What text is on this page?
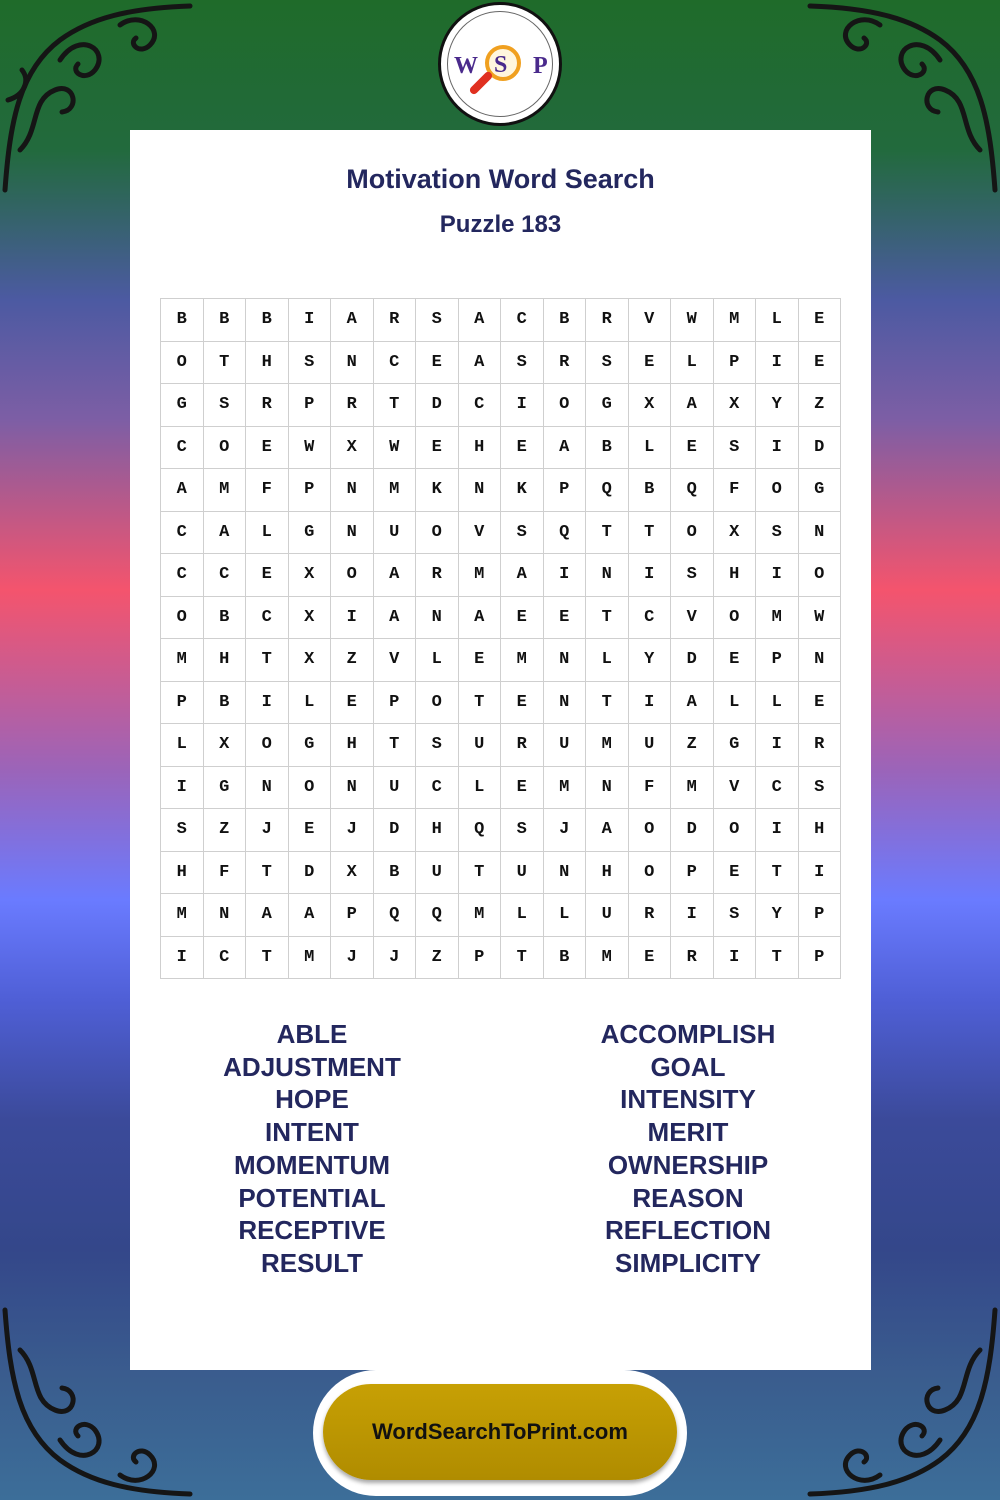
W S P
Motivation Word Search
Puzzle 183
B	B	B	I	A	R	S	A	C	B	R	V	W	M	L	E
O	T	H	S	N	C	E	A	S	R	S	E	L	P	I	E
G	S	R	P	R	T	D	C	I	O	G	X	A	X	Y	Z
C	O	E	W	X	W	E	H	E	A	B	L	E	S	I	D
A	M	F	P	N	M	K	N	K	P	Q	B	Q	F	O	G
C	A	L	G	N	U	O	V	S	Q	T	T	O	X	S	N
C	C	E	X	O	A	R	M	A	I	N	I	S	H	I	O
O	B	C	X	I	A	N	A	E	E	T	C	V	O	M	W
M	H	T	X	Z	V	L	E	M	N	L	Y	D	E	P	N
P	B	I	L	E	P	O	T	E	N	T	I	A	L	L	E
L	X	O	G	H	T	S	U	R	U	M	U	Z	G	I	R
I	G	N	O	N	U	C	L	E	M	N	F	M	V	C	S
S	Z	J	E	J	D	H	Q	S	J	A	O	D	O	I	H
H	F	T	D	X	B	U	T	U	N	H	O	P	E	T	I
M	N	A	A	P	Q	Q	M	L	L	U	R	I	S	Y	P
I	C	T	M	J	J	Z	P	T	B	M	E	R	I	T	P
ABLE
ADJUSTMENT
HOPE
INTENT
MOMENTUM
POTENTIAL
RECEPTIVE
RESULT
ACCOMPLISH
GOAL
INTENSITY
MERIT
OWNERSHIP
REASON
REFLECTION
SIMPLICITY
WordSearchToPrint.com
